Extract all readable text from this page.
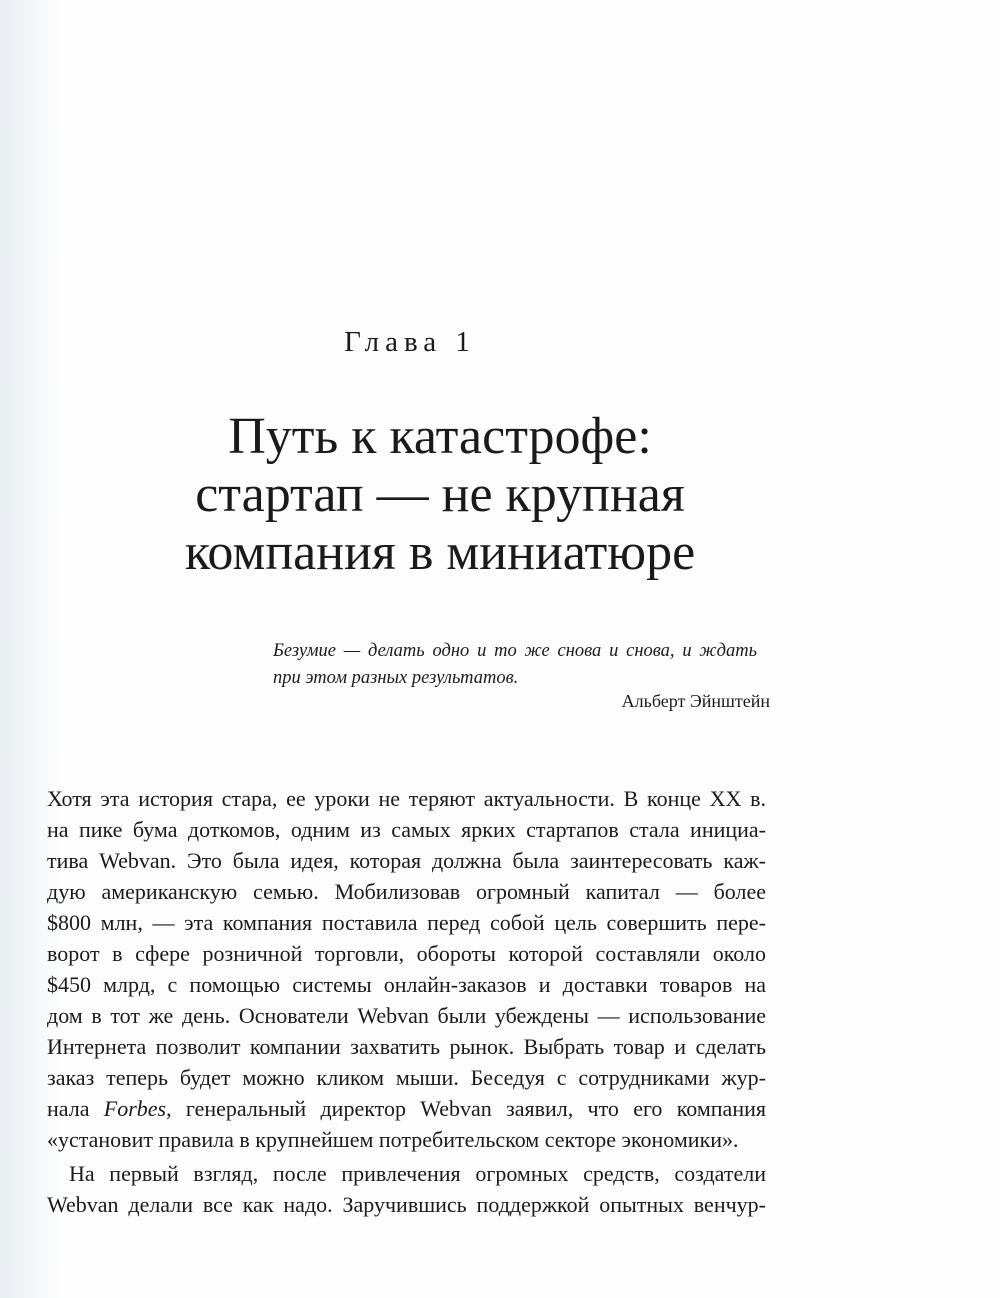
Глава 1
Путь к катастрофе:
стартап — не крупная
компания в миниатюре
Безумие — делать одно и то же снова и снова, и ждать
при этом разных результатов.
Альберт Эйнштейн
Хотя эта история стара, ее уроки не теряют актуальности. В конце XX в.
на пике бума доткомов, одним из самых ярких стартапов стала инициа-
тива Webvan. Это была идея, которая должна была заинтересовать каж-
дую американскую семью. Мобилизовав огромный капитал — более
$800 млн, — эта компания поставила перед собой цель совершить пере-
ворот в сфере розничной торговли, обороты которой составляли около
$450 млрд, с помощью системы онлайн-заказов и доставки товаров на
дом в тот же день. Основатели Webvan были убеждены — использование
Интернета позволит компании захватить рынок. Выбрать товар и сделать
заказ теперь будет можно кликом мыши. Беседуя с сотрудниками жур-
нала Forbes, генеральный директор Webvan заявил, что его компания
«установит правила в крупнейшем потребительском секторе экономики».
На первый взгляд, после привлечения огромных средств, создатели
Webvan делали все как надо. Заручившись поддержкой опытных венчур-
